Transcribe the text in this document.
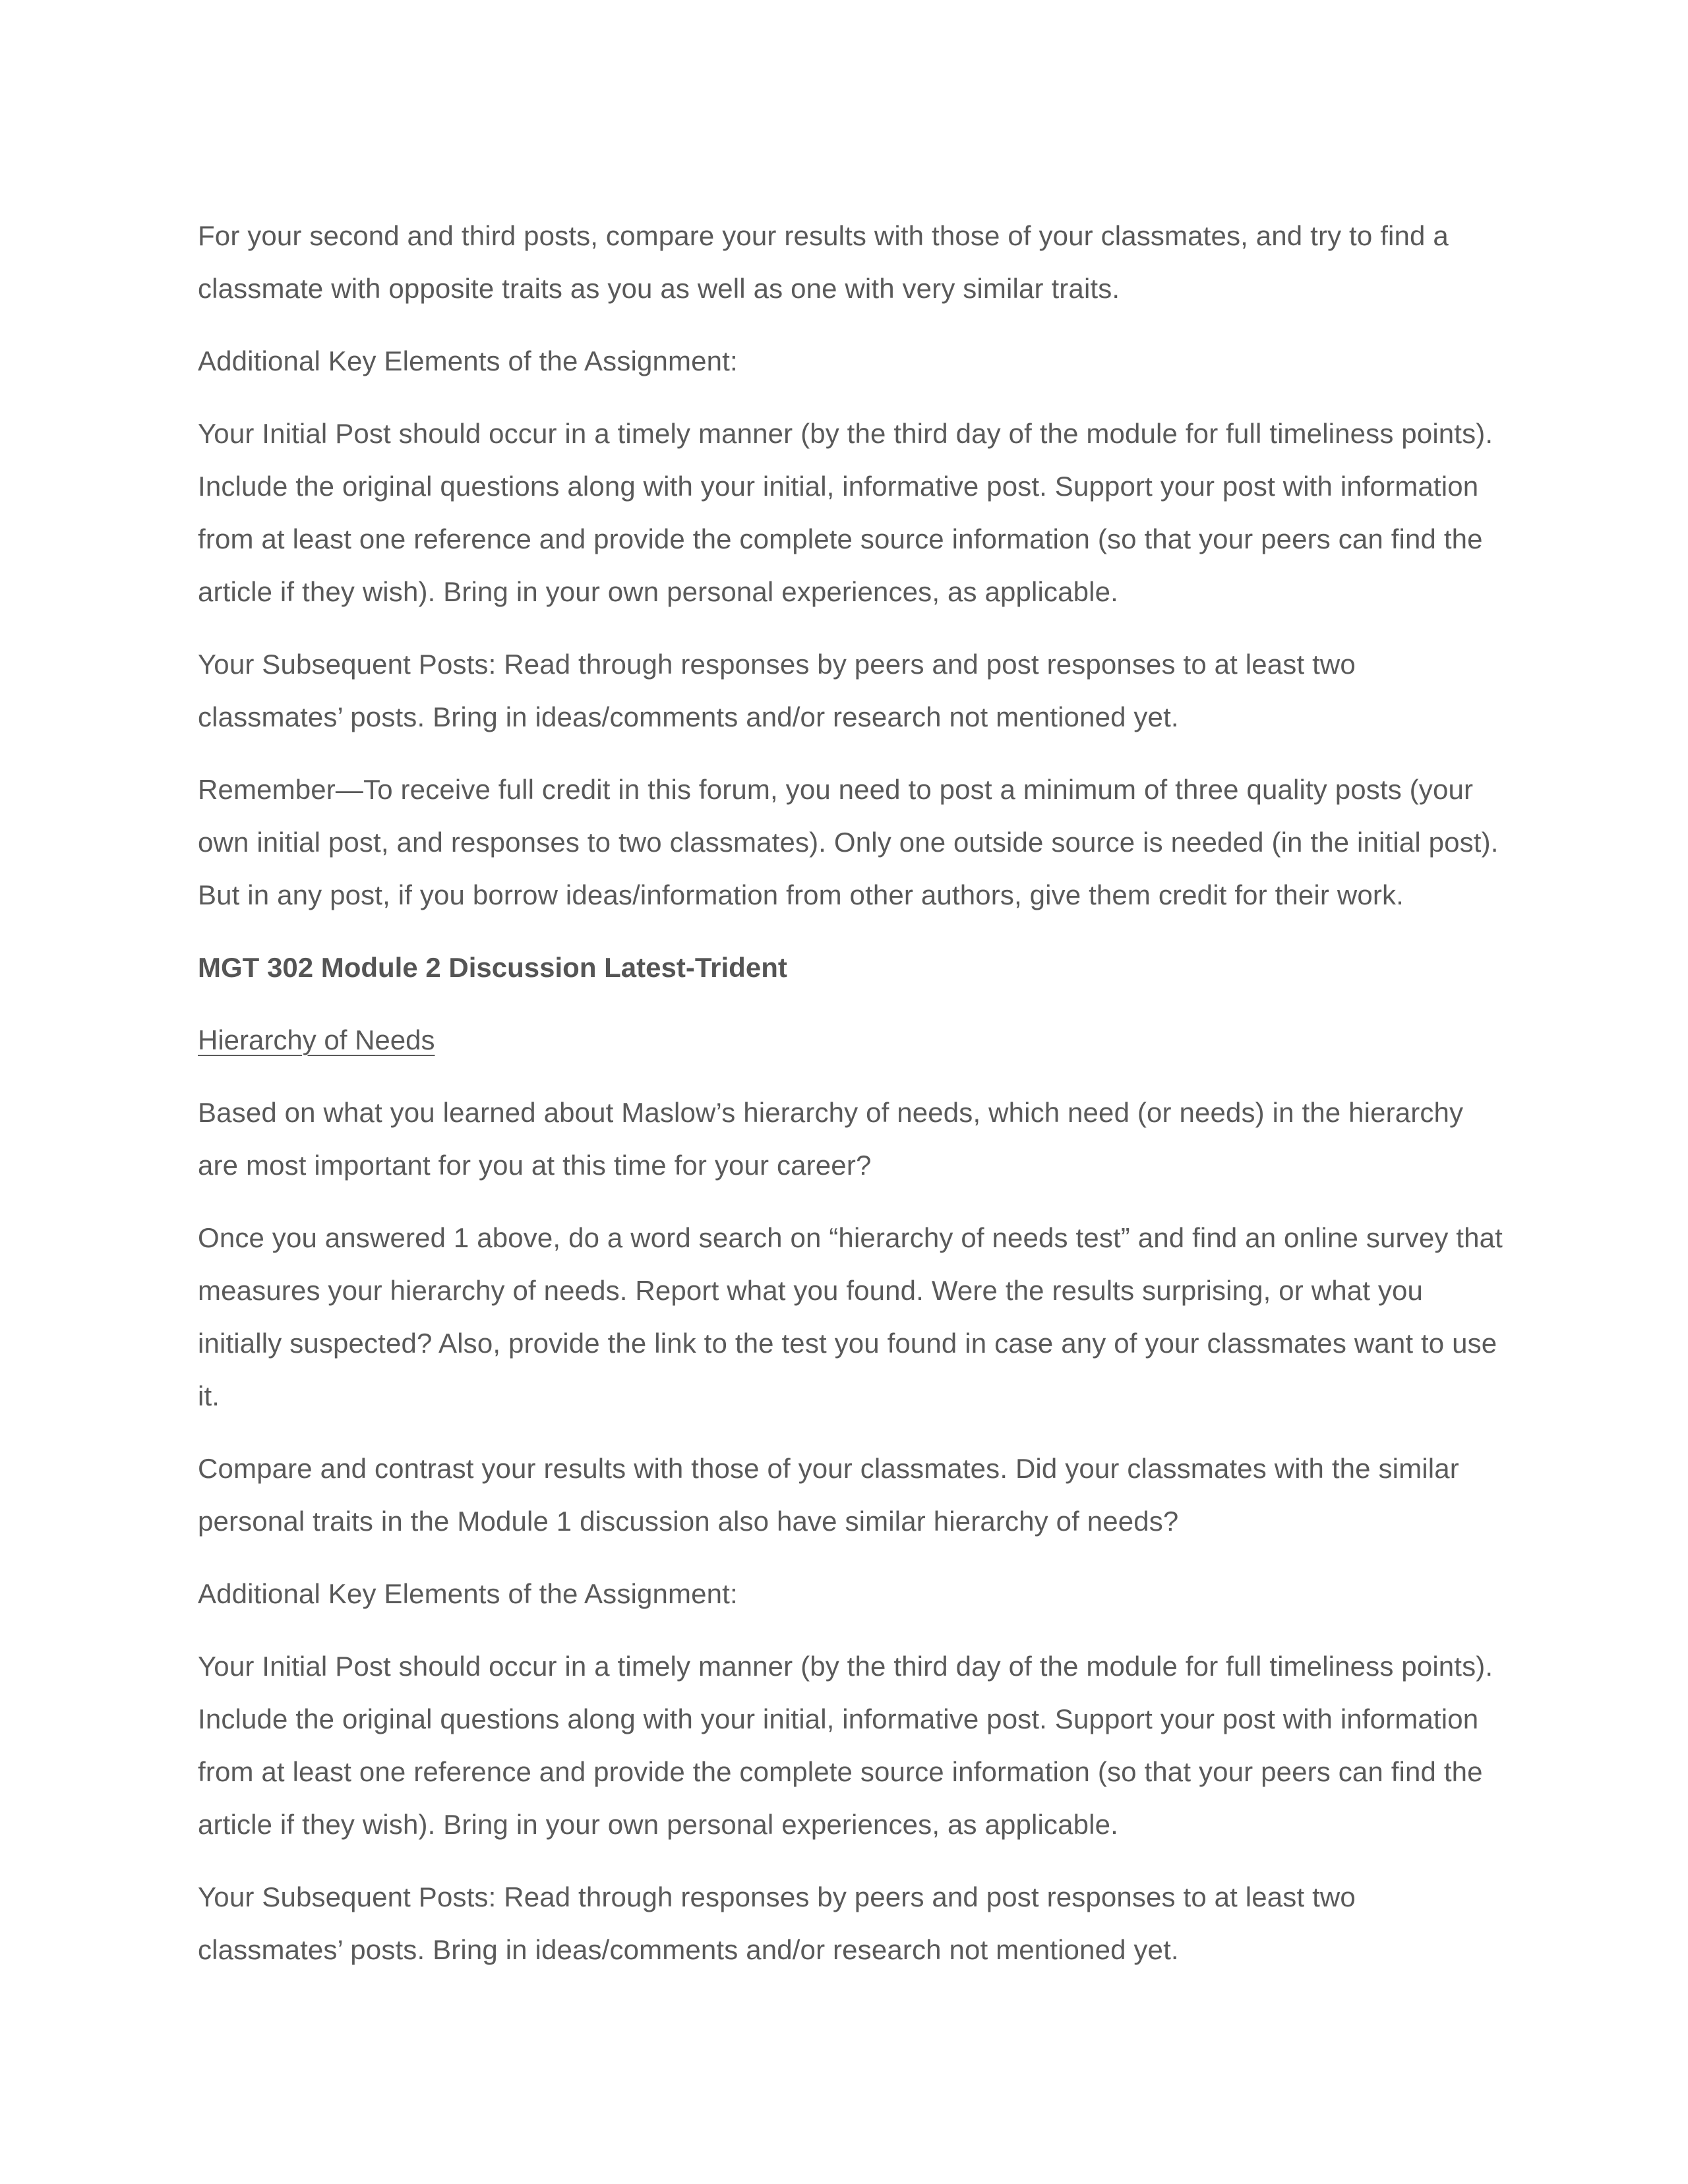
For your second and third posts, compare your results with those of your classmates, and try to find a classmate with opposite traits as you as well as one with very similar traits.

Additional Key Elements of the Assignment:

Your Initial Post should occur in a timely manner (by the third day of the module for full timeliness points). Include the original questions along with your initial, informative post. Support your post with information from at least one reference and provide the complete source information (so that your peers can find the article if they wish). Bring in your own personal experiences, as applicable.

Your Subsequent Posts: Read through responses by peers and post responses to at least two classmates’ posts. Bring in ideas/comments and/or research not mentioned yet.

Remember—To receive full credit in this forum, you need to post a minimum of three quality posts (your own initial post, and responses to two classmates). Only one outside source is needed (in the initial post). But in any post, if you borrow ideas/information from other authors, give them credit for their work.

MGT 302 Module 2 Discussion Latest-Trident

Hierarchy of Needs

Based on what you learned about Maslow’s hierarchy of needs, which need (or needs) in the hierarchy are most important for you at this time for your career?

Once you answered 1 above, do a word search on “hierarchy of needs test” and find an online survey that measures your hierarchy of needs. Report what you found. Were the results surprising, or what you initially suspected? Also, provide the link to the test you found in case any of your classmates want to use it.

Compare and contrast your results with those of your classmates. Did your classmates with the similar personal traits in the Module 1 discussion also have similar hierarchy of needs?

Additional Key Elements of the Assignment:

Your Initial Post should occur in a timely manner (by the third day of the module for full timeliness points). Include the original questions along with your initial, informative post. Support your post with information from at least one reference and provide the complete source information (so that your peers can find the article if they wish). Bring in your own personal experiences, as applicable.

Your Subsequent Posts: Read through responses by peers and post responses to at least two classmates’ posts. Bring in ideas/comments and/or research not mentioned yet.
